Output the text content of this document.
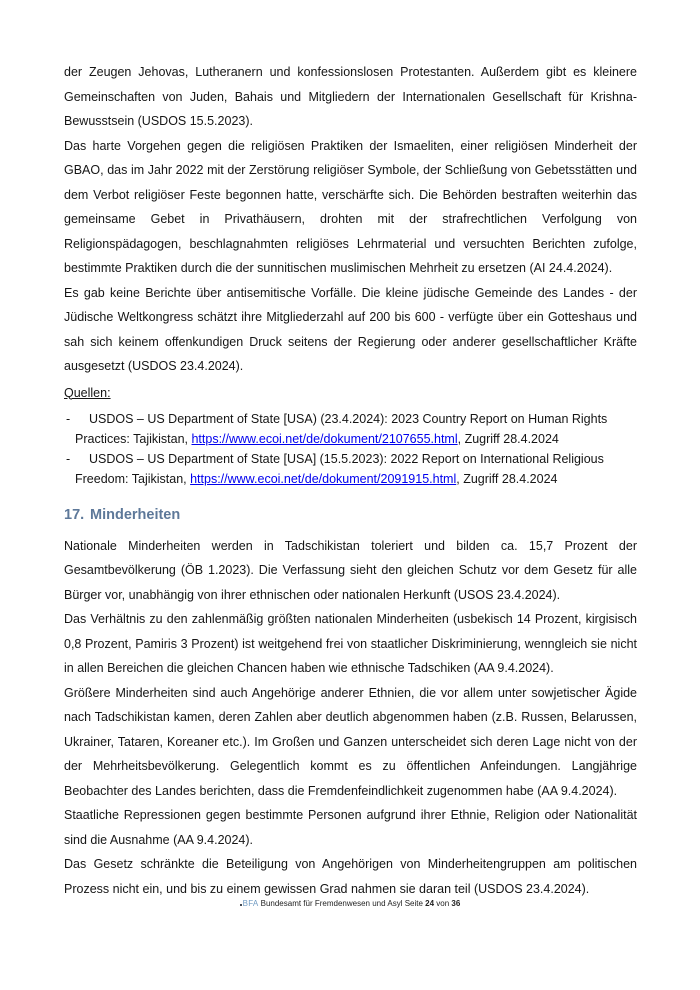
der Zeugen Jehovas, Lutheranern und konfessionslosen Protestanten. Außerdem gibt es kleinere Gemeinschaften von Juden, Bahais und Mitgliedern der Internationalen Gesellschaft für Krishna-Bewusstsein (USDOS 15.5.2023).

Das harte Vorgehen gegen die religiösen Praktiken der Ismaeliten, einer religiösen Minderheit der GBAO, das im Jahr 2022 mit der Zerstörung religiöser Symbole, der Schließung von Gebetsstätten und dem Verbot religiöser Feste begonnen hatte, verschärfte sich. Die Behörden bestraften weiterhin das gemeinsame Gebet in Privathäusern, drohten mit der strafrechtlichen Verfolgung von Religionspädagogen, beschlagnahmten religiöses Lehrmaterial und versuchten Berichten zufolge, bestimmte Praktiken durch die der sunnitischen muslimischen Mehrheit zu ersetzen (AI 24.4.2024).

Es gab keine Berichte über antisemitische Vorfälle. Die kleine jüdische Gemeinde des Landes - der Jüdische Weltkongress schätzt ihre Mitgliederzahl auf 200 bis 600 - verfügte über ein Gotteshaus und sah sich keinem offenkundigen Druck seitens der Regierung oder anderer gesellschaftlicher Kräfte ausgesetzt (USDOS 23.4.2024).

Quellen:

- USDOS – US Department of State [USA) (23.4.2024): 2023 Country Report on Human Rights Practices: Tajikistan, https://www.ecoi.net/de/dokument/2107655.html, Zugriff 28.4.2024

- USDOS – US Department of State [USA] (15.5.2023): 2022 Report on International Religious Freedom: Tajikistan, https://www.ecoi.net/de/dokument/2091915.html, Zugriff 28.4.2024

17. Minderheiten

Nationale Minderheiten werden in Tadschikistan toleriert und bilden ca. 15,7 Prozent der Gesamtbevölkerung (ÖB 1.2023). Die Verfassung sieht den gleichen Schutz vor dem Gesetz für alle Bürger vor, unabhängig von ihrer ethnischen oder nationalen Herkunft (USOS 23.4.2024).

Das Verhältnis zu den zahlenmäßig größten nationalen Minderheiten (usbekisch 14 Prozent, kirgisisch 0,8 Prozent, Pamiris 3 Prozent) ist weitgehend frei von staatlicher Diskriminierung, wenngleich sie nicht in allen Bereichen die gleichen Chancen haben wie ethnische Tadschiken (AA 9.4.2024).

Größere Minderheiten sind auch Angehörige anderer Ethnien, die vor allem unter sowjetischer Ägide nach Tadschikistan kamen, deren Zahlen aber deutlich abgenommen haben (z.B. Russen, Belarussen, Ukrainer, Tataren, Koreaner etc.). Im Großen und Ganzen unterscheidet sich deren Lage nicht von der der Mehrheitsbevölkerung. Gelegentlich kommt es zu öffentlichen Anfeindungen. Langjährige Beobachter des Landes berichten, dass die Fremdenfeindlichkeit zugenommen habe (AA 9.4.2024).

Staatliche Repressionen gegen bestimmte Personen aufgrund ihrer Ethnie, Religion oder Nationalität sind die Ausnahme (AA 9.4.2024).

Das Gesetz schränkte die Beteiligung von Angehörigen von Minderheitengruppen am politischen Prozess nicht ein, und bis zu einem gewissen Grad nahmen sie daran teil (USDOS 23.4.2024).

BFA Bundesamt für Fremdenwesen und Asyl Seite 24 von 36
